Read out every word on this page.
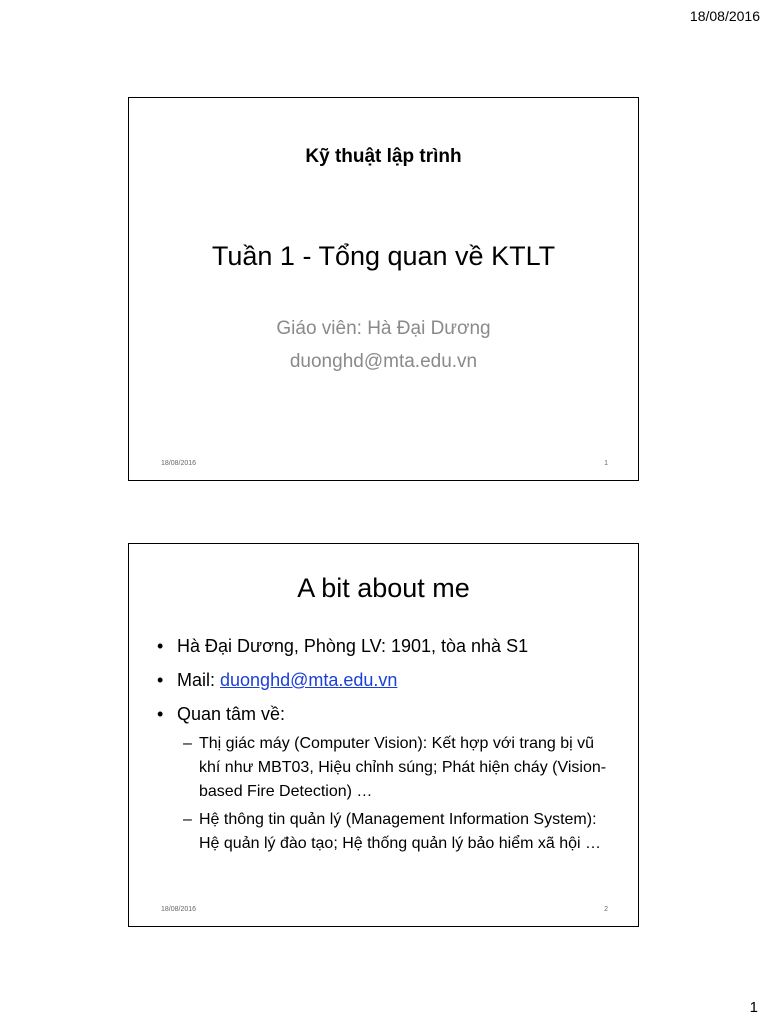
18/08/2016
Kỹ thuật lập trình
Tuần 1 - Tổng quan về KTLT
Giáo viên: Hà Đại Dương
duonghd@mta.edu.vn
18/08/2016	1
A bit about me
• Hà Đại Dương, Phòng LV: 1901, tòa nhà S1
• Mail: duonghd@mta.edu.vn
• Quan tâm về:
– Thị giác máy (Computer Vision): Kết hợp với trang bị vũ khí như MBT03, Hiệu chỉnh súng; Phát hiện cháy (Vision-based Fire Detection) …
– Hệ thông tin quản lý (Management Information System): Hệ quản lý đào tạo; Hệ thống quản lý bảo hiểm xã hội …
18/08/2016	2
1
